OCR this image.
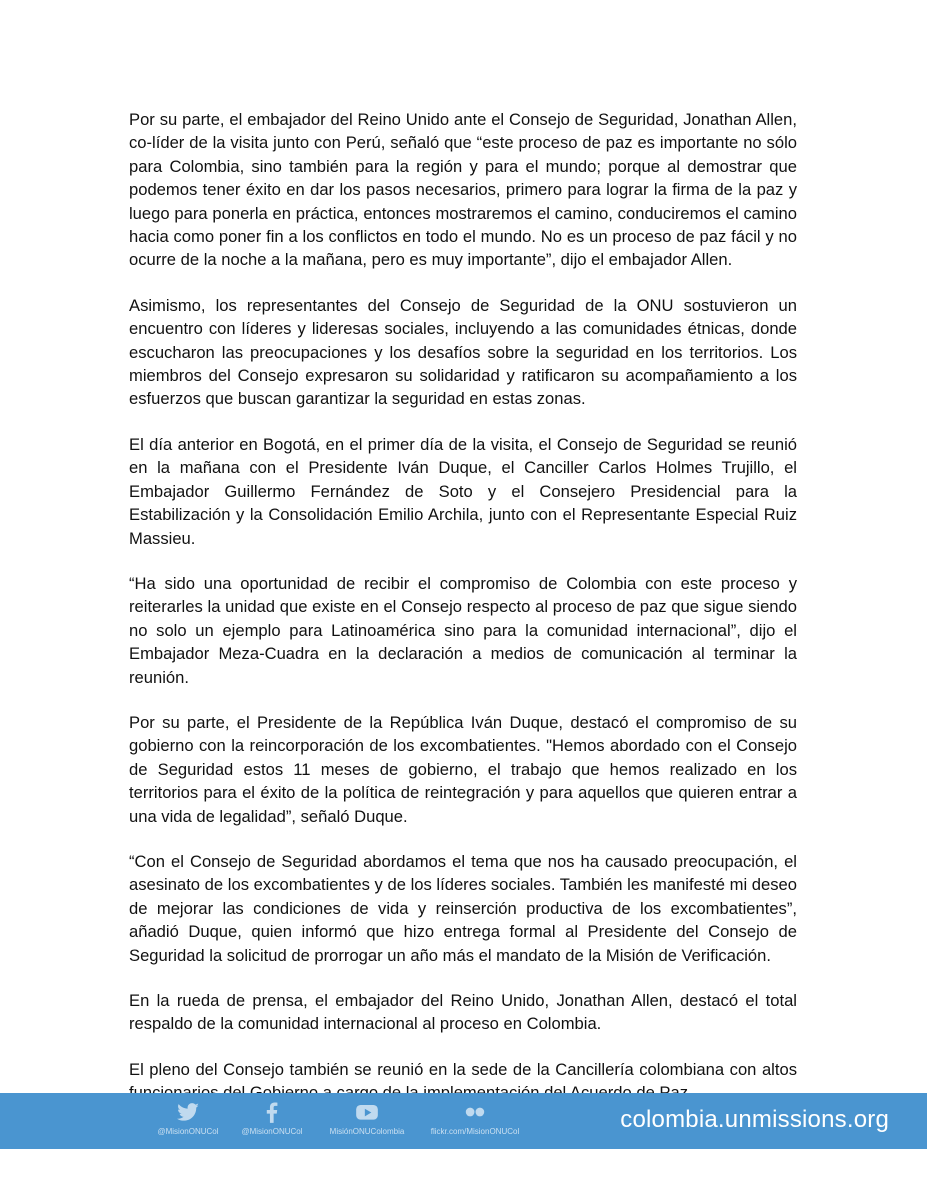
Por su parte, el embajador del Reino Unido ante el Consejo de Seguridad, Jonathan Allen, co-líder de la visita junto con Perú, señaló que “este proceso de paz es importante no sólo para Colombia, sino también para la región y para el mundo; porque al demostrar que podemos tener éxito en dar los pasos necesarios, primero para lograr la firma de la paz y luego para ponerla en práctica, entonces mostraremos el camino, conduciremos el camino hacia como poner fin a los conflictos en todo el mundo. No es un proceso de paz fácil y no ocurre de la noche a la mañana, pero es muy importante”, dijo el embajador Allen.

Asimismo, los representantes del Consejo de Seguridad de la ONU sostuvieron un encuentro con líderes y lideresas sociales, incluyendo a las comunidades étnicas, donde escucharon las preocupaciones y los desafíos sobre la seguridad en los territorios. Los miembros del Consejo expresaron su solidaridad y ratificaron su acompañamiento a los esfuerzos que buscan garantizar la seguridad en estas zonas.

El día anterior en Bogotá, en el primer día de la visita, el Consejo de Seguridad se reunió en la mañana con el Presidente Iván Duque, el Canciller Carlos Holmes Trujillo, el Embajador Guillermo Fernández de Soto y el Consejero Presidencial para la Estabilización y la Consolidación Emilio Archila, junto con el Representante Especial Ruiz Massieu.

“Ha sido una oportunidad de recibir el compromiso de Colombia con este proceso y reiterarles la unidad que existe en el Consejo respecto al proceso de paz que sigue siendo no solo un ejemplo para Latinoamérica sino para la comunidad internacional”, dijo el Embajador Meza-Cuadra en la declaración a medios de comunicación al terminar la reunión.

Por su parte, el Presidente de la República Iván Duque, destacó el compromiso de su gobierno con la reincorporación de los excombatientes. "Hemos abordado con el Consejo de Seguridad estos 11 meses de gobierno, el trabajo que hemos realizado en los territorios para el éxito de la política de reintegración y para aquellos que quieren entrar a una vida de legalidad”, señaló Duque.

“Con el Consejo de Seguridad abordamos el tema que nos ha causado preocupación, el asesinato de los excombatientes y de los líderes sociales. También les manifesté mi deseo de mejorar las condiciones de vida y reinserción productiva de los excombatientes”, añadió Duque, quien informó que hizo entrega formal al Presidente del Consejo de Seguridad la solicitud de prorrogar un año más el mandato de la Misión de Verificación.

En la rueda de prensa, el embajador del Reino Unido, Jonathan Allen, destacó el total respaldo de la comunidad internacional al proceso en Colombia.

El pleno del Consejo también se reunió en la sede de la Cancillería colombiana con altos

@MisionONUCol	@MisionONUCol	MisiónONUColombia	flickr.com/MisionONUCol	colombia.unmissions.org
